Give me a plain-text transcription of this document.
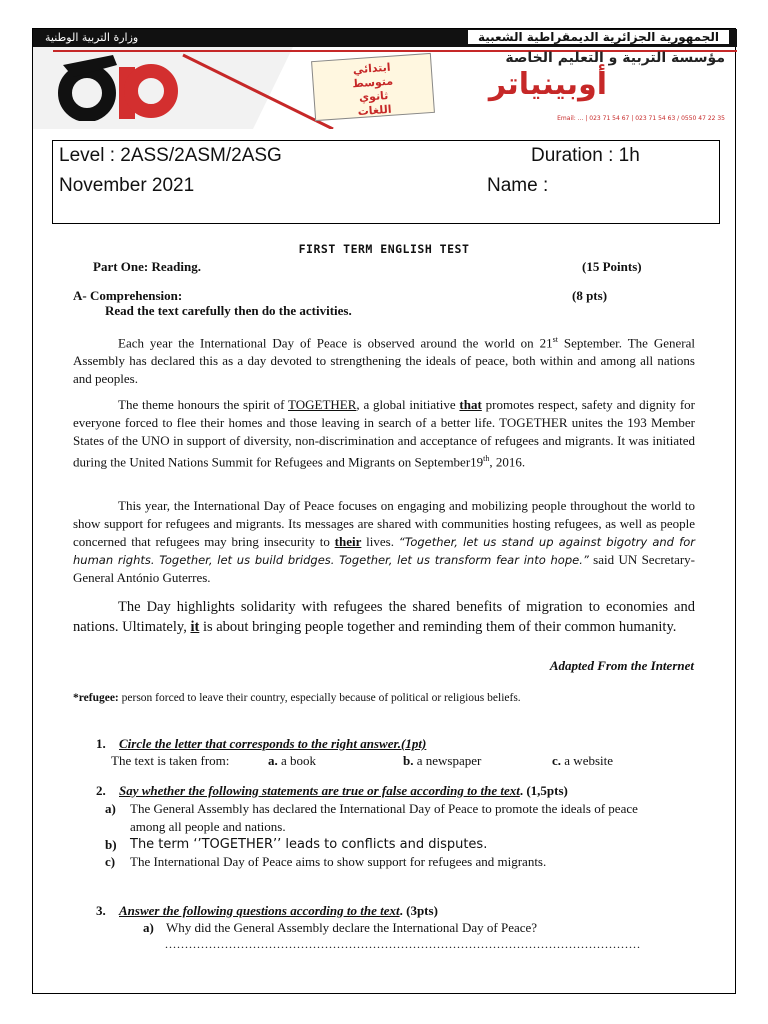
وزارة التربية الوطنية	الجمهورية الجزائرية الديمقراطية الشعبية
ابتدائي
متوسط
ثانوي
اللغات
مؤسسة التربية و التعليم الخاصة
أوبينياتر
Email: ... | 023 71 54 67 | 023 71 54 63 / 0550 47 22 35
Level : 2ASS/2ASM/2ASG	Duration : 1h
November 2021	Name :
FIRST TERM ENGLISH TEST
Part One: Reading.	(15 Points)
A- Comprehension:	(8 pts)
Read the text carefully then do the activities.
Each year the International Day of Peace is observed around the world on 21st September. The General Assembly has declared this as a day devoted to strengthening the ideals of peace, both within and among all nations and peoples.
The theme honours the spirit of TOGETHER, a global initiative that promotes respect, safety and dignity for everyone forced to flee their homes and those leaving in search of a better life. TOGETHER unites the 193 Member States of the UNO in support of diversity, non-discrimination and acceptance of refugees and migrants. It was initiated during the United Nations Summit for Refugees and Migrants on September19th, 2016.
This year, the International Day of Peace focuses on engaging and mobilizing people throughout the world to show support for refugees and migrants. Its messages are shared with communities hosting refugees, as well as people concerned that refugees may bring insecurity to their lives. “Together, let us stand up against bigotry and for human rights. Together, let us build bridges. Together, let us transform fear into hope.” said UN Secretary-General António Guterres.
The Day highlights solidarity with refugees the shared benefits of migration to economies and nations. Ultimately, it is about bringing people together and reminding them of their common humanity.
Adapted From the Internet
*refugee: person forced to leave their country, especially because of political or religious beliefs.
1. Circle the letter that corresponds to the right answer.(1pt)
The text is taken from:	a. a book	b. a newspaper	c. a website
2. Say whether the following statements are true or false according to the text. (1,5pts)
a) The General Assembly has declared the International Day of Peace to promote the ideals of peace
among all people and nations.
b) The term ‘’TOGETHER’’ leads to conflicts and disputes.
c) The International Day of Peace aims to show support for refugees and migrants.
3. Answer the following questions according to the text. (3pts)
a) Why did the General Assembly declare the International Day of Peace?
.......................................................................................................................
